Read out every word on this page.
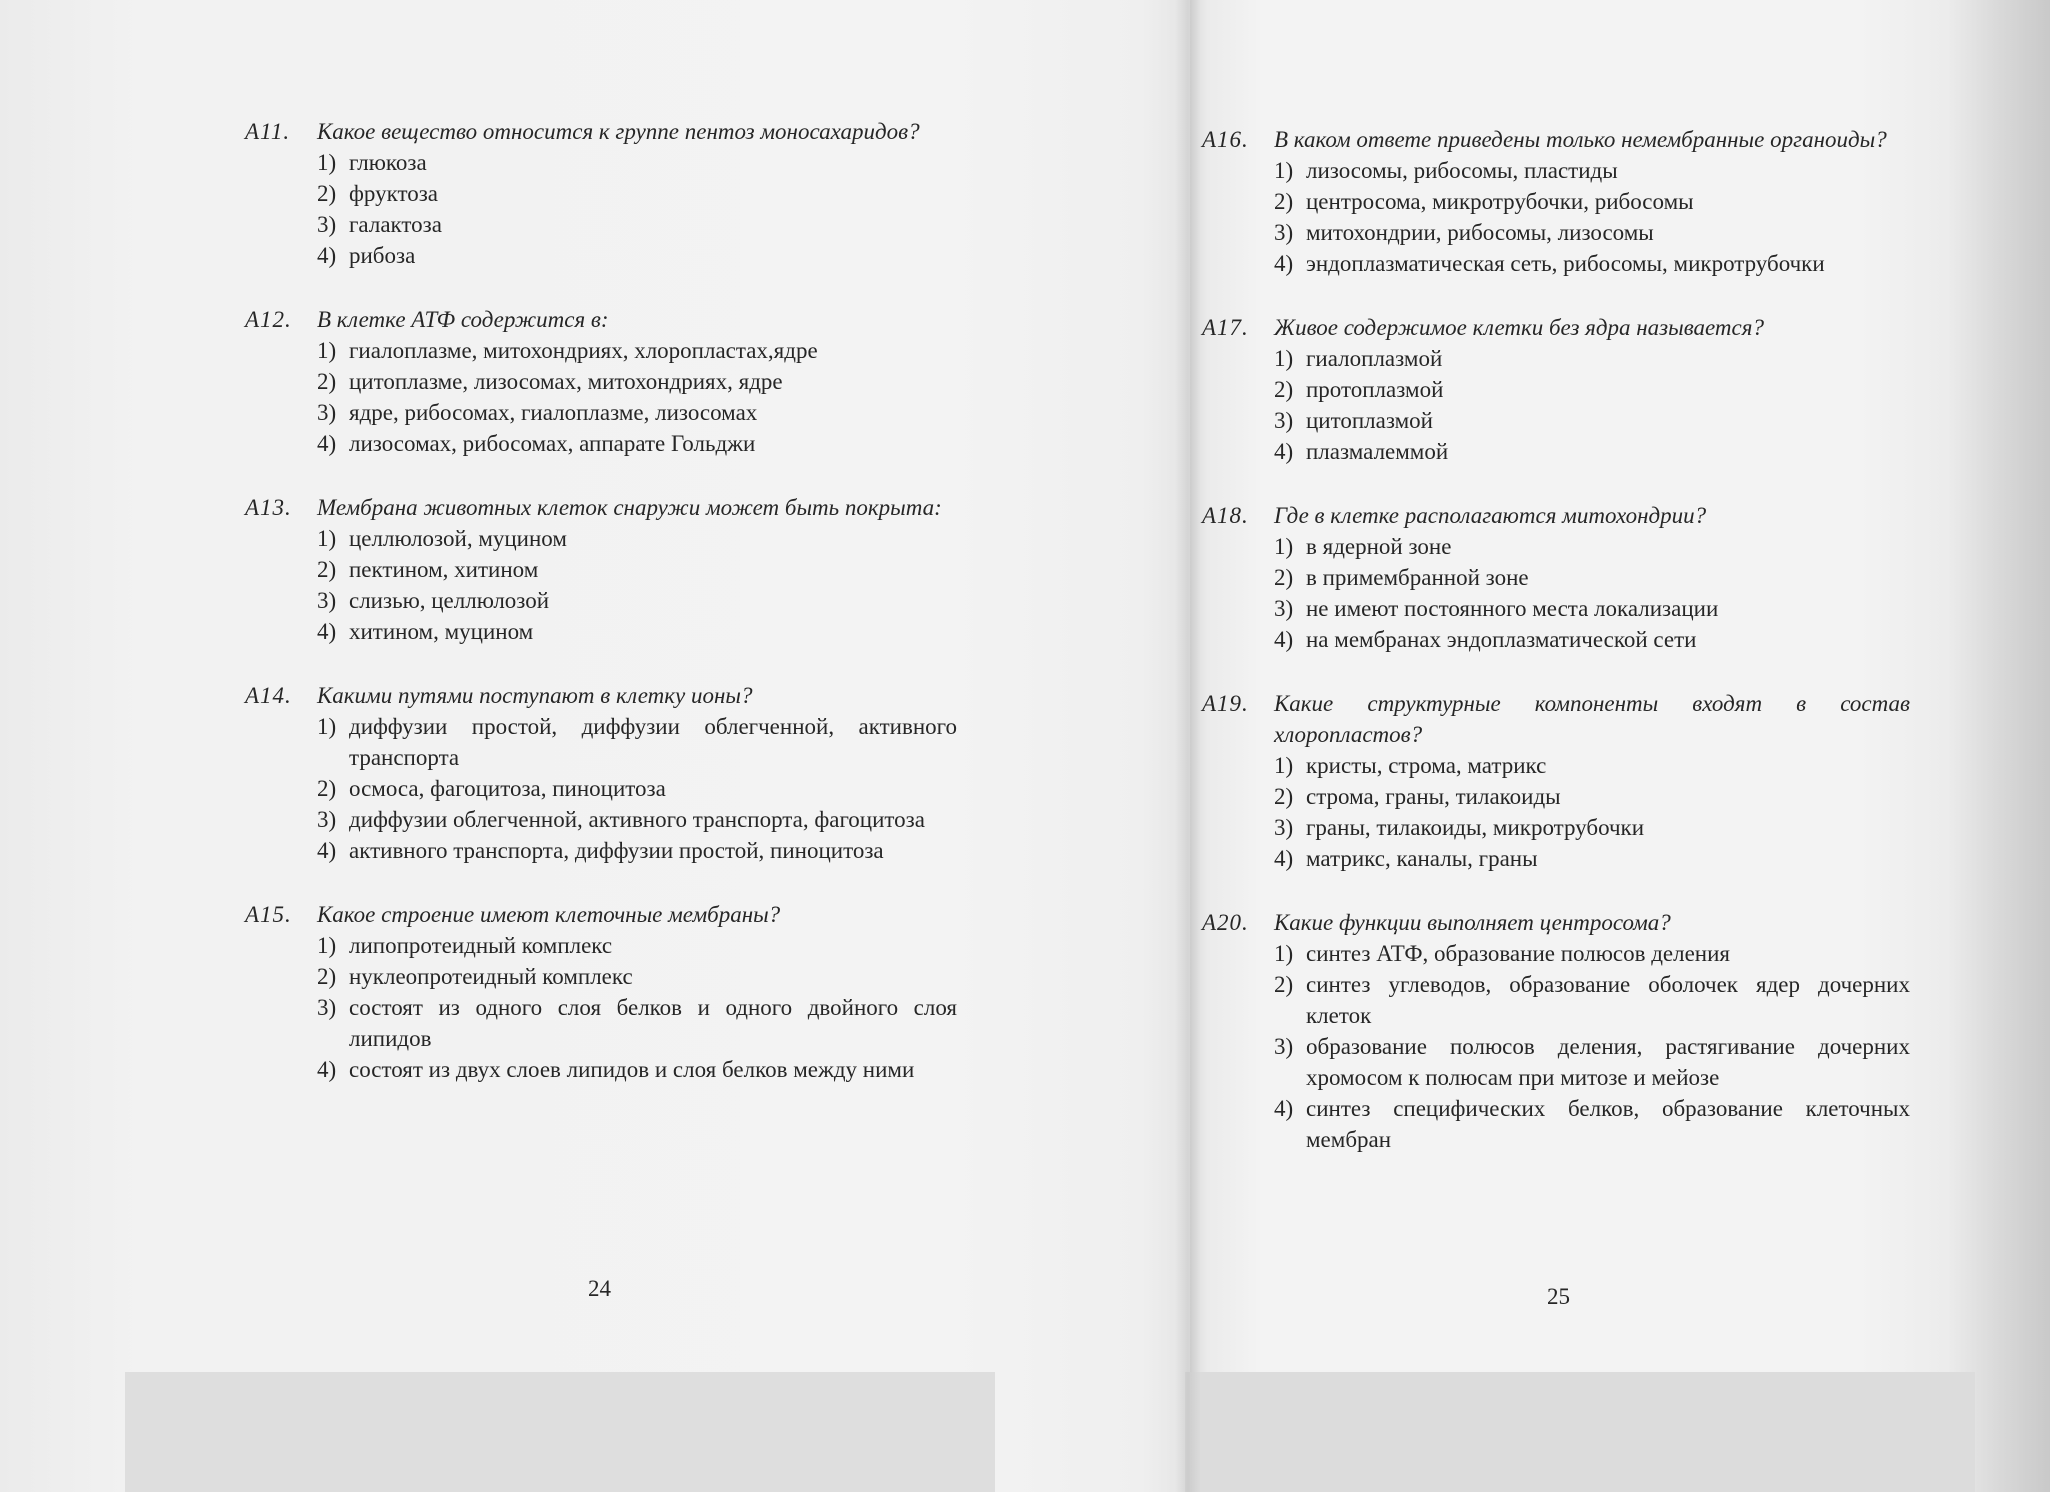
A11.	Какое вещество относится к группе пентоз моносахаридов?
1) глюкоза
2) фруктоза
3) галактоза
4) рибоза
A12.	В клетке АТФ содержится в:
1) гиалоплазме, митохондриях, хлоропластах,ядре
2) цитоплазме, лизосомах, митохондриях, ядре
3) ядре, рибосомах, гиалоплазме, лизосомах
4) лизосомах, рибосомах, аппарате Гольджи
A13.	Мембрана животных клеток снаружи может быть покрыта:
1) целлюлозой, муцином
2) пектином, хитином
3) слизью, целлюлозой
4) хитином, муцином
A14.	Какими путями поступают в клетку ионы?
1) диффузии простой, диффузии облегченной, активного транспорта
2) осмоса, фагоцитоза, пиноцитоза
3) диффузии облегченной, активного транспорта, фагоцитоза
4) активного транспорта, диффузии простой, пиноцитоза
A15.	Какое строение имеют клеточные мембраны?
1) липопротеидный комплекс
2) нуклеопротеидный комплекс
3) состоят из одного слоя белков и одного двойного слоя липидов
4) состоят из двух слоев липидов и слоя белков между ними
24
A16.	В каком ответе приведены только немембранные органоиды?
1) лизосомы, рибосомы, пластиды
2) центросома, микротрубочки, рибосомы
3) митохондрии, рибосомы, лизосомы
4) эндоплазматическая сеть, рибосомы, микротрубочки
A17.	Живое содержимое клетки без ядра называется?
1) гиалоплазмой
2) протоплазмой
3) цитоплазмой
4) плазмалеммой
A18.	Где в клетке располагаются митохондрии?
1) в ядерной зоне
2) в примембранной зоне
3) не имеют постоянного места локализации
4) на мембранах эндоплазматической сети
A19.	Какие структурные компоненты входят в состав хлоропластов?
1) кристы, строма, матрикс
2) строма, граны, тилакоиды
3) граны, тилакоиды, микротрубочки
4) матрикс, каналы, граны
A20.	Какие функции выполняет центросома?
1) синтез АТФ, образование полюсов деления
2) синтез углеводов, образование оболочек ядер дочерних клеток
3) образование полюсов деления, растягивание дочерних хромосом к полюсам при митозе и мейозе
4) синтез специфических белков, образование клеточных мембран
25
